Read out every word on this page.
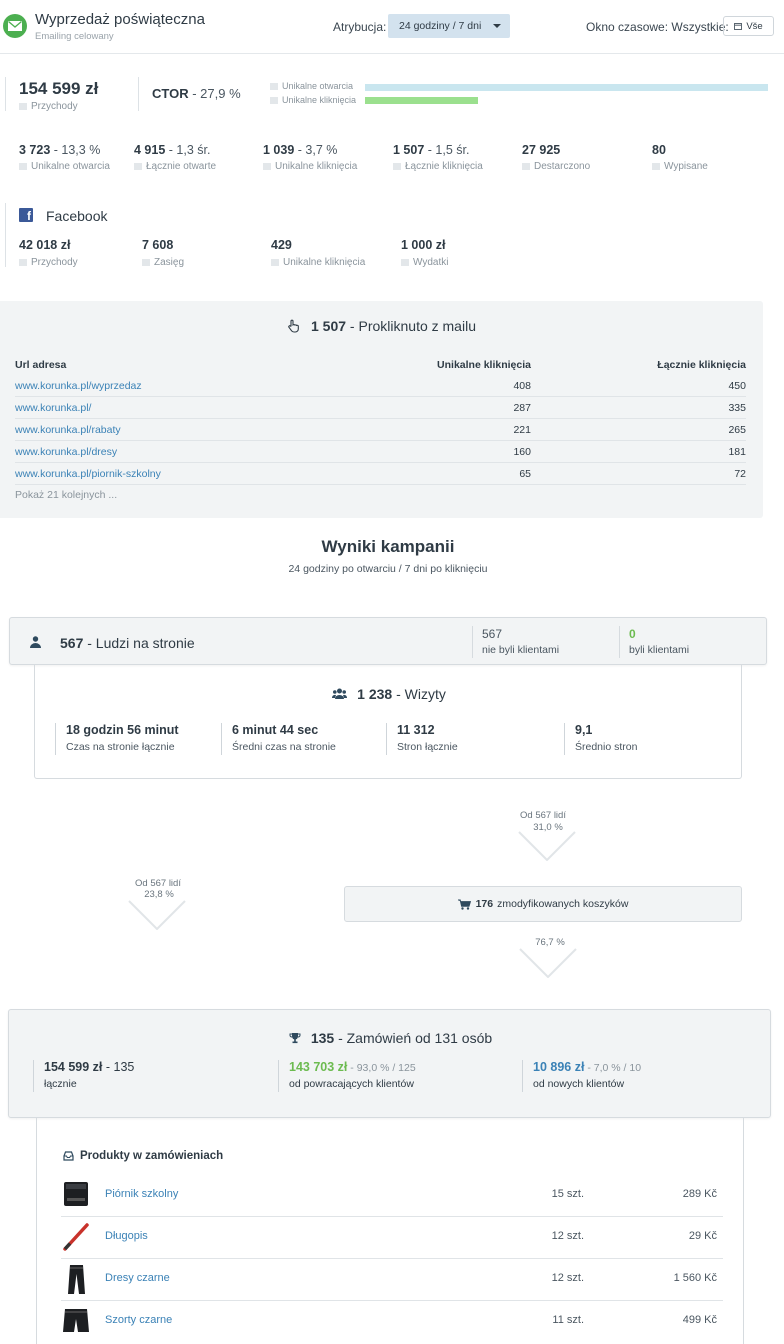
Wyprzedaż poświąteczna
Emailing celowany
Atrybucja: 24 godziny / 7 dni	Okno czasowe: Wszystkie: Vše
154 599 zł
Przychody
CTOR - 27,9 %	Unikalne otwarcia
Unikalne kliknięcia
3 723 - 13,3 %
Unikalne otwarcia
4 915 - 1,3 śr.
Łącznie otwarte
1 039 - 3,7 %
Unikalne kliknięcia
1 507 - 1,5 śr.
Łącznie kliknięcia
27 925
Destarczono
80
Wypisane
f Facebook
42 018 zł
Przychody
7 608
Zasięg
429
Unikalne kliknięcia
1 000 zł
Wydatki
1 507 - Prokliknuto z mailu
Url adresa	Unikalne kliknięcia	Łącznie kliknięcia
www.korunka.pl/wyprzedaz	408	450
www.korunka.pl/	287	335
www.korunka.pl/rabaty	221	265
www.korunka.pl/dresy	160	181
www.korunka.pl/piornik-szkolny	65	72
Pokaż 21 kolejnych ...
Wyniki kampanii
24 godziny po otwarciu / 7 dni po kliknięciu
567 - Ludzi na stronie
567
nie byli klientami
0
byli klientami
1 238 - Wizyty
18 godzin 56 minut
Czas na stronie łącznie
6 minut 44 sec
Średni czas na stronie
11 312
Stron łącznie
9,1
Średnio stron
Od 567 lidí
31,0 %
Od 567 lidí
23,8 %
176 zmodyfikowanych koszyków
76,7 %
135 - Zamówień od 131 osób
154 599 zł - 135
łącznie
143 703 zł - 93,0 % / 125
od powracających klientów
10 896 zł - 7,0 % / 10
od nowych klientów
Produkty w zamówieniach
Piórnik szkolny	15 szt.	289 Kč
Długopis	12 szt.	29 Kč
Dresy czarne	12 szt.	1 560 Kč
Szorty czarne	11 szt.	499 Kč
